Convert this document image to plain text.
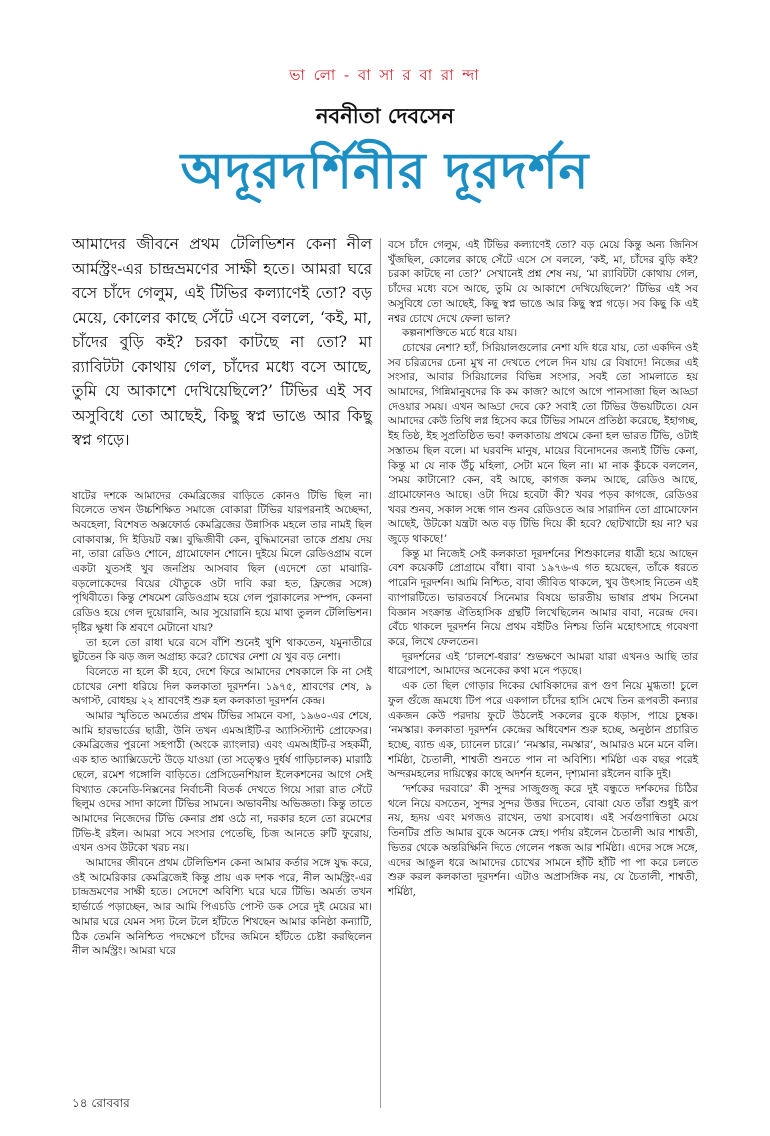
ভা লো - বা সা র বা রা ন্দা
নবনীতা দেবসেন
অদূরদর্শিনীর দূরদর্শন
আমাদের জীবনে প্রথম টেলিভিশন কেনা নীল আর্মস্ট্রং-এর চান্দ্রভ্রমণের সাক্ষী হতে। আমরা ঘরে বসে চাঁদে গেলুম, এই টিভির কল্যাণেই তো? বড় মেয়ে, কোলের কাছে সেঁটে এসে বললে, ‘কই, মা, চাঁদের বুড়ি কই? চরকা কাটছে না তো? মা র‍্যাবিটটা কোথায় গেল, চাঁদের মধ্যে বসে আছে, তুমি যে আকাশে দেখিয়েছিলে?’ টিভির এই সব অসুবিধে তো আছেই, কিছু স্বপ্ন ভাঙে আর কিছু স্বপ্ন গড়ে।

ষাটের দশকে আমাদের কেমব্রিজের বাড়িতে কোনও টিভি ছিল না। বিলেতে তখন উচ্চশিক্ষিত সমাজে বোকারা টিভির যারপরনাই অচ্ছেদ্দা, অবহেলা, বিশেষত অক্সফোর্ড কেমব্রিজের উন্নাসিক মহলে তার নামই ছিল বোকাবাক্স, দি ইডিয়ট বক্স। বুদ্ধিজীবী কেন, বুদ্ধিমানেরা তাকে প্রশ্রয় দেয় না, তারা রেডিও শোনে, গ্রামোফোন শোনে। দুইয়ে মিলে রেডিওগ্রাম বলে একটা যুতসই খুব জনপ্রিয় আসবাব ছিল (এদেশে তো মাঝারি-বড়লোকেদের বিয়ের যৌতুকে ওটা দাবি করা হত, ফ্রিজের সঙ্গে) পৃথিবীতে। কিন্তু শেষমেশ রেডিওগ্রাম হয়ে গেল পুরাকালের সম্পদ, কেননা রেডিও হয়ে গেল দুয়োরানি, আর সুয়োরানি হয়ে মাথা তুলল টেলিভিশন। দৃষ্টির ক্ষুধা কি শ্রবণে মেটানো যায়?

তা হলে তো রাধা ঘরে বসে বাঁশি শুনেই খুশি থাকতেন, যমুনাতীরে ছুটতেন কি ঝড় জল অগ্রাহ্য করে? চোখের নেশা যে খুব বড় নেশা।

বিলেতে না হলে কী হবে, দেশে ফিরে আমাদের শেষকালে কি না সেই চোখের নেশা ধরিয়ে দিল কলকাতা দূরদর্শন। ১৯৭৫, শ্রাবণের শেষ, ৯ অগাস্ট, বোধহয় ২২ শ্রাবণেই শুরু হল কলকাতা দূরদর্শন কেন্দ্র।

আমার স্মৃতিতে অমর্ত্যের প্রথম টিভির সামনে বসা, ১৯৬০-এর শেষে, আমি হারভার্ডের ছাত্রী, উনি তখন এমআইটি-র অ্যাসিস্ট্যান্ট প্রোফেসর। কেমব্রিজের পুরনো সহপাঠী (অংকে র‍্যাংলার) এবং এমআইটি-র সহকর্মী, এক হাত অ্যাক্সিডেন্টে উড়ে যাওয়া (তা সত্ত্বেও দুর্ধর্ষ গাড়িচালক) মারাঠি ছেলে, রমেশ গঙ্গোলি বাড়িতে। প্রেসিডেনশিয়াল ইলেকশনের আগে সেই বিখ্যাত কেনেডি-নিক্সনের নির্বাচনী বিতর্ক দেখতে গিয়ে সারা রাত সেঁটে ছিলুম ওদের সাদা কালো টিভির সামনে। অভাবনীয় অভিজ্ঞতা। কিন্তু তাতে আমাদের নিজেদের টিভি কেনার প্রশ্ন ওঠে না, দরকার হলে তো রমেশের টিভি-ই রইল। আমরা সবে সংসার পেতেছি, চিজ আনতে রুটি ফুরোয়, এখন ওসব উটকো খরচ নয়।

আমাদের জীবনে প্রথম টেলিভিশন কেনা আমার কর্তার সঙ্গে যুদ্ধ করে, ওই আমেরিকার কেমব্রিজেই কিন্তু প্রায় এক দশক পরে, নীল আর্মস্ট্রং-এর চান্দ্রভ্রমণের সাক্ষী হতে। সেদেশে অবিশ্যি ঘরে ঘরে টিভি। অমর্ত্য তখন হার্ভার্ডে পড়াচ্ছেন, আর আমি পিএচডি পোস্ট ডক সেরে দুই মেয়ের মা। আমার ঘরে যেমন সদ্য টলে টলে হাঁটতে শিখছেন আমার কনিষ্ঠা কন্যাটি, ঠিক তেমনি অনিশ্চিত পদক্ষেপে চাঁদের জমিনে হাঁটতে চেষ্টা করছিলেন নীল আর্মস্ট্রং। আমরা ঘরে

বসে চাঁদে গেলুম, এই টিভির কল্যাণেই তো? বড় মেয়ে কিন্তু অন্য জিনিস খুঁজছিল, কোলের কাছে সেঁটে এসে সে বললে, ‘কই, মা, চাঁদের বুড়ি কই? চরকা কাটছে না তো?’ সেখানেই প্রশ্ন শেষ নয়, ‘মা র‍্যাবিটটা কোথায় গেল, চাঁদের মধ্যে বসে আছে, তুমি যে আকাশে দেখিয়েছিলে?’ টিভির এই সব অসুবিধে তো আছেই, কিছু স্বপ্ন ভাঙে আর কিছু স্বপ্ন গড়ে। সব কিছু কি এই নশ্বর চোখে দেখে ফেলা ভাল?

কল্পনাশক্তিতে মর্চে ধরে যায়।

চোখের নেশা? হ্যাঁ, সিরিয়ালগুলোর নেশা যদি ধরে যায়, তো একদিন ওই সব চরিত্রদের চেনা মুখ না দেখতে পেলে দিন যায় রে বিষাদে! নিজের এই সংসার, আবার সিরিয়ালের বিভিন্ন সংসার, সবই তো সামলাতে হয় আমাদের, গিন্নিমানুষদের কি কম কাজ? আগে আগে পানসাজা ছিল আড্ডা দেওয়ার সময়। এখন আড্ডা দেবে কে? সবাই তো টিভির উভয়টিতে। যেন আমাদের কেউ তিথি লগ্ন হিসেব করে টিভির সামনে প্রতিষ্ঠা করেছে, ইহাগচ্ছ, ইহ তিষ্ঠ, ইহ সুপ্রতিষ্ঠিত ভব! কলকাতায় প্রথমে কেনা হল ভারত টিভি, ওটাই সস্তাতম ছিল বলে। মা ঘরবন্দি মানুষ, মায়ের বিনোদনের জন্যই টিভি কেনা, কিন্তু মা যে নাক উঁচু মহিলা, সেটা মনে ছিল না। মা নাক কুঁচকে বললেন, ‘সময় কাটানো? কেন, বই আছে, কাগজ কলম আছে, রেডিও আছে, গ্রামোফোনও আছে। ওটা দিয়ে হবেটা কী? খবর পড়ব কাগজে, রেডিওর খবর শুনব, সকাল সন্ধে গান শুনব রেডিওতে আর সারাদিন তো গ্রামোফোন আছেই, উটকো যন্ত্রটা অত বড় টিভি দিয়ে কী হবে? ছোটখাটো হয় না? ঘর জুড়ে থাকছে!’

কিন্তু মা নিজেই সেই কলকাতা দূরদর্শনের শিশুকালের ধাত্রী হয়ে আছেন বেশ কয়েকটি প্রোগ্রামে বাঁধা। বাবা ১৯৭৬-এ গত হয়েছেন, তাঁকে ধরতে পারেনি দূরদর্শন। আমি নিশ্চিত, বাবা জীবিত থাকলে, খুব উৎসাহ নিতেন এই ব্যাপারটিতে। ভারতবর্ষে সিনেমার বিষয়ে ভারতীয় ভাষার প্রথম সিনেমা বিজ্ঞান সংক্রান্ত ঐতিহাসিক গ্রন্থটি লিখেছিলেন আমার বাবা, নরেন্দ্র দেব। বেঁচে থাকলে দূরদর্শন নিয়ে প্রথম বইটিও নিশ্চয় তিনি মহোৎসাহে গবেষণা করে, লিখে ফেলতেন।

দূরদর্শনের এই ‘চালশে-ধরার’ শুভক্ষণে আমরা যারা এখনও আছি তার ধারেপাশে, আমাদের অনেকের কথা মনে পড়ছে।

এক তো ছিল গোড়ার দিকের ঘোষিকাদের রূপ গুণ নিয়ে মুগ্ধতা! চুলে ফুল গুঁজে ভ্রূমধ্যে টিপ পরে একগাল চাঁদের হাসি মেখে তিন রূপবতী কন্যার একজন কেউ পরদায় ফুটে উঠলেই সকলের বুকে ধড়াস, পায়ে চুম্বক। ‘নমস্কার। কলকাতা দূরদর্শন কেন্দ্রের অধিবেশন শুরু হচ্ছে, অনুষ্ঠান প্রচারিত হচ্ছে, ব্যান্ড এক, চ্যানেল চারে।’ ‘নমস্কার, নমস্কার’, আমারও মনে মনে বলি। শর্মিষ্ঠা, চৈতালী, শাশ্বতী শুনতে পান না অবিশ্যি। শর্মিষ্ঠা এক বছর পরেই অন্দরমহলের দায়িত্বের কাছে অদর্শন হলেন, দৃশ্যমানা রইলেন বাকি দুই।

‘দর্শকের দরবারে’ কী সুন্দর সাজুগুজু করে দুই বন্ধুতে দর্শকদের চিঠির থলে নিয়ে বসতেন, সুন্দর সুন্দর উত্তর দিতেন, বোঝা যেত তাঁরা শুধুই রূপ নয়, হৃদয় এবং মগজও রাখেন, তথা রসবোধ। এই সর্বগুণান্বিতা মেয়ে তিনটির প্রতি আমার বুকে অনেক স্নেহ। পর্দায় রইলেন চৈতালী আর শাশ্বতী, ভিতর থেকে অন্তরিক্ষিনি দিতে গেলেন পঙ্কজ আর শর্মিষ্ঠা। এদের সঙ্গে সঙ্গে, এদের আঙুল ধরে আমাদের চোখের সামনে হাঁটি হাঁটি পা পা করে চলতে শুরু করল কলকাতা দূরদর্শন। এটাও অপ্রাসঙ্গিক নয়, যে চৈতালী, শাশ্বতী, শর্মিষ্ঠা,

১৪ রোববার
